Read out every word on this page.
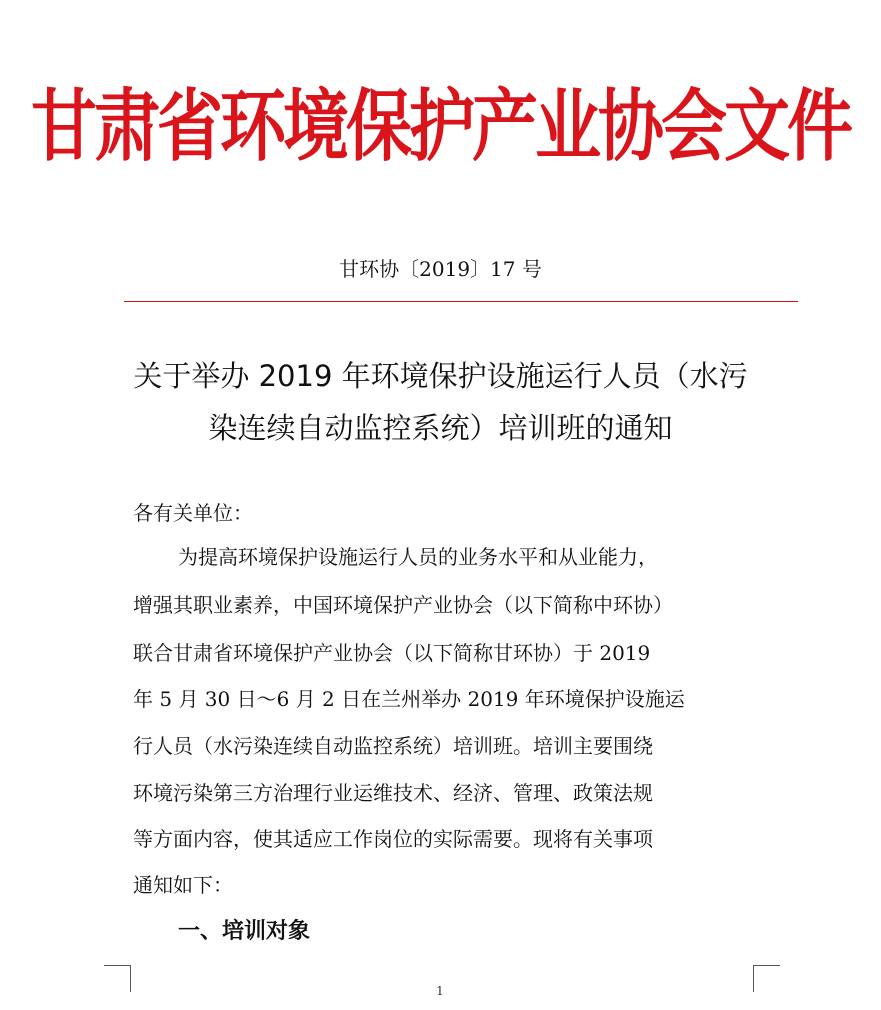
甘肃省环境保护产业协会文件
甘环协〔2019〕17 号
关于举办 2019 年环境保护设施运行人员（水污
染连续自动监控系统）培训班的通知
各有关单位：
为提高环境保护设施运行人员的业务水平和从业能力，
增强其职业素养，中国环境保护产业协会（以下简称中环协）
联合甘肃省环境保护产业协会（以下简称甘环协）于 2019
年 5 月 30 日～6 月 2 日在兰州举办 2019 年环境保护设施运
行人员（水污染连续自动监控系统）培训班。培训主要围绕
环境污染第三方治理行业运维技术、经济、管理、政策法规
等方面内容，使其适应工作岗位的实际需要。现将有关事项
通知如下：
一、培训对象
1
